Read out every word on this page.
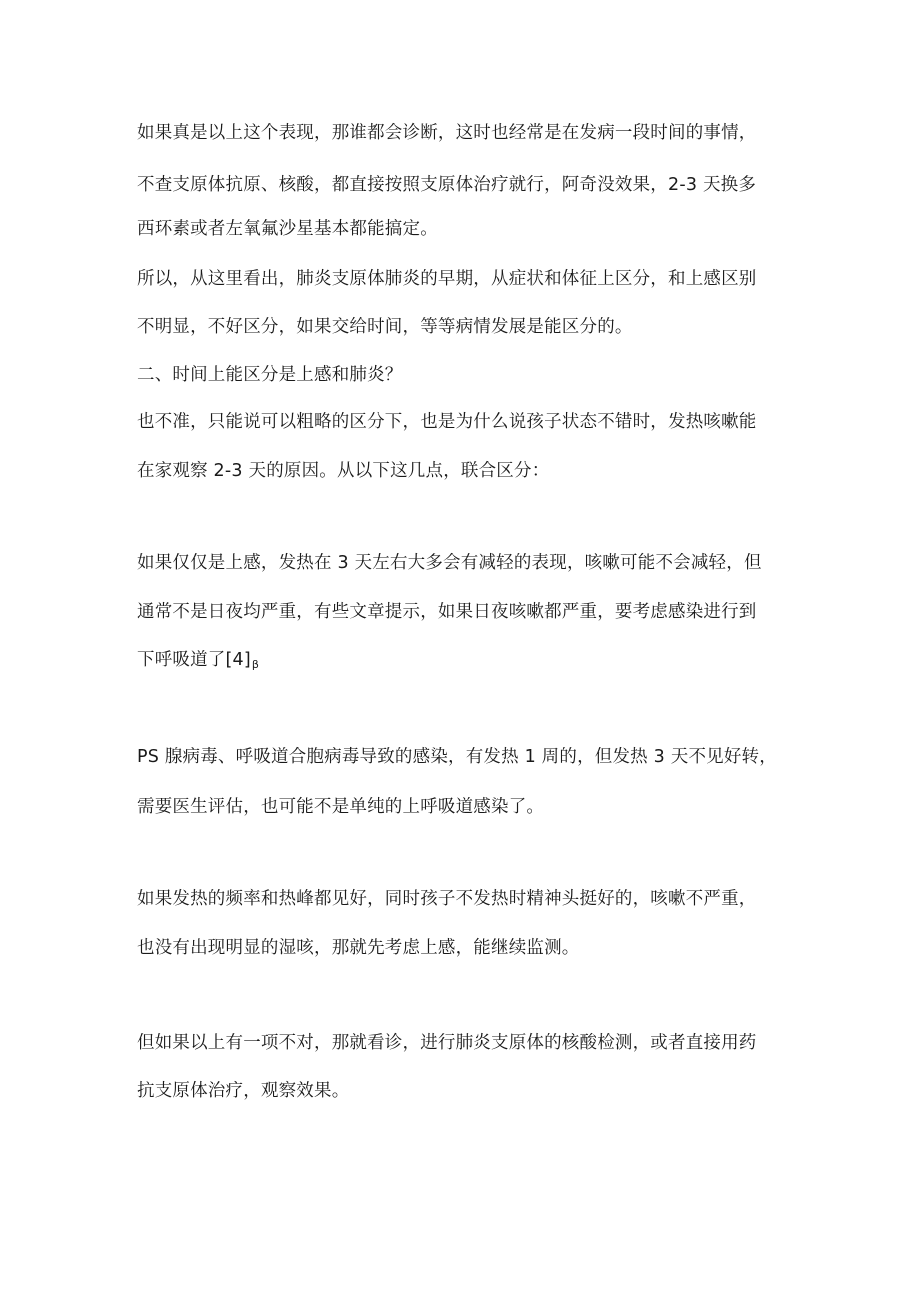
如果真是以上这个表现，那谁都会诊断，这时也经常是在发病一段时间的事情，
不查支原体抗原、核酸，都直接按照支原体治疗就行，阿奇没效果，2-3 天换多
西环素或者左氧氟沙星基本都能搞定。
所以，从这里看出，肺炎支原体肺炎的早期，从症状和体征上区分，和上感区别
不明显，不好区分，如果交给时间，等等病情发展是能区分的。
二、时间上能区分是上感和肺炎？
也不准，只能说可以粗略的区分下，也是为什么说孩子状态不错时，发热咳嗽能
在家观察 2-3 天的原因。从以下这几点，联合区分：
如果仅仅是上感，发热在 3 天左右大多会有减轻的表现，咳嗽可能不会减轻，但
通常不是日夜均严重，有些文章提示，如果日夜咳嗽都严重，要考虑感染进行到
下呼吸道了$[4]_\beta$
PS 腺病毒、呼吸道合胞病毒导致的感染，有发热 1 周的，但发热 3 天不见好转，
需要医生评估，也可能不是单纯的上呼吸道感染了。
如果发热的频率和热峰都见好，同时孩子不发热时精神头挺好的，咳嗽不严重，
也没有出现明显的湿咳，那就先考虑上感，能继续监测。
但如果以上有一项不对，那就看诊，进行肺炎支原体的核酸检测，或者直接用药
抗支原体治疗，观察效果。
